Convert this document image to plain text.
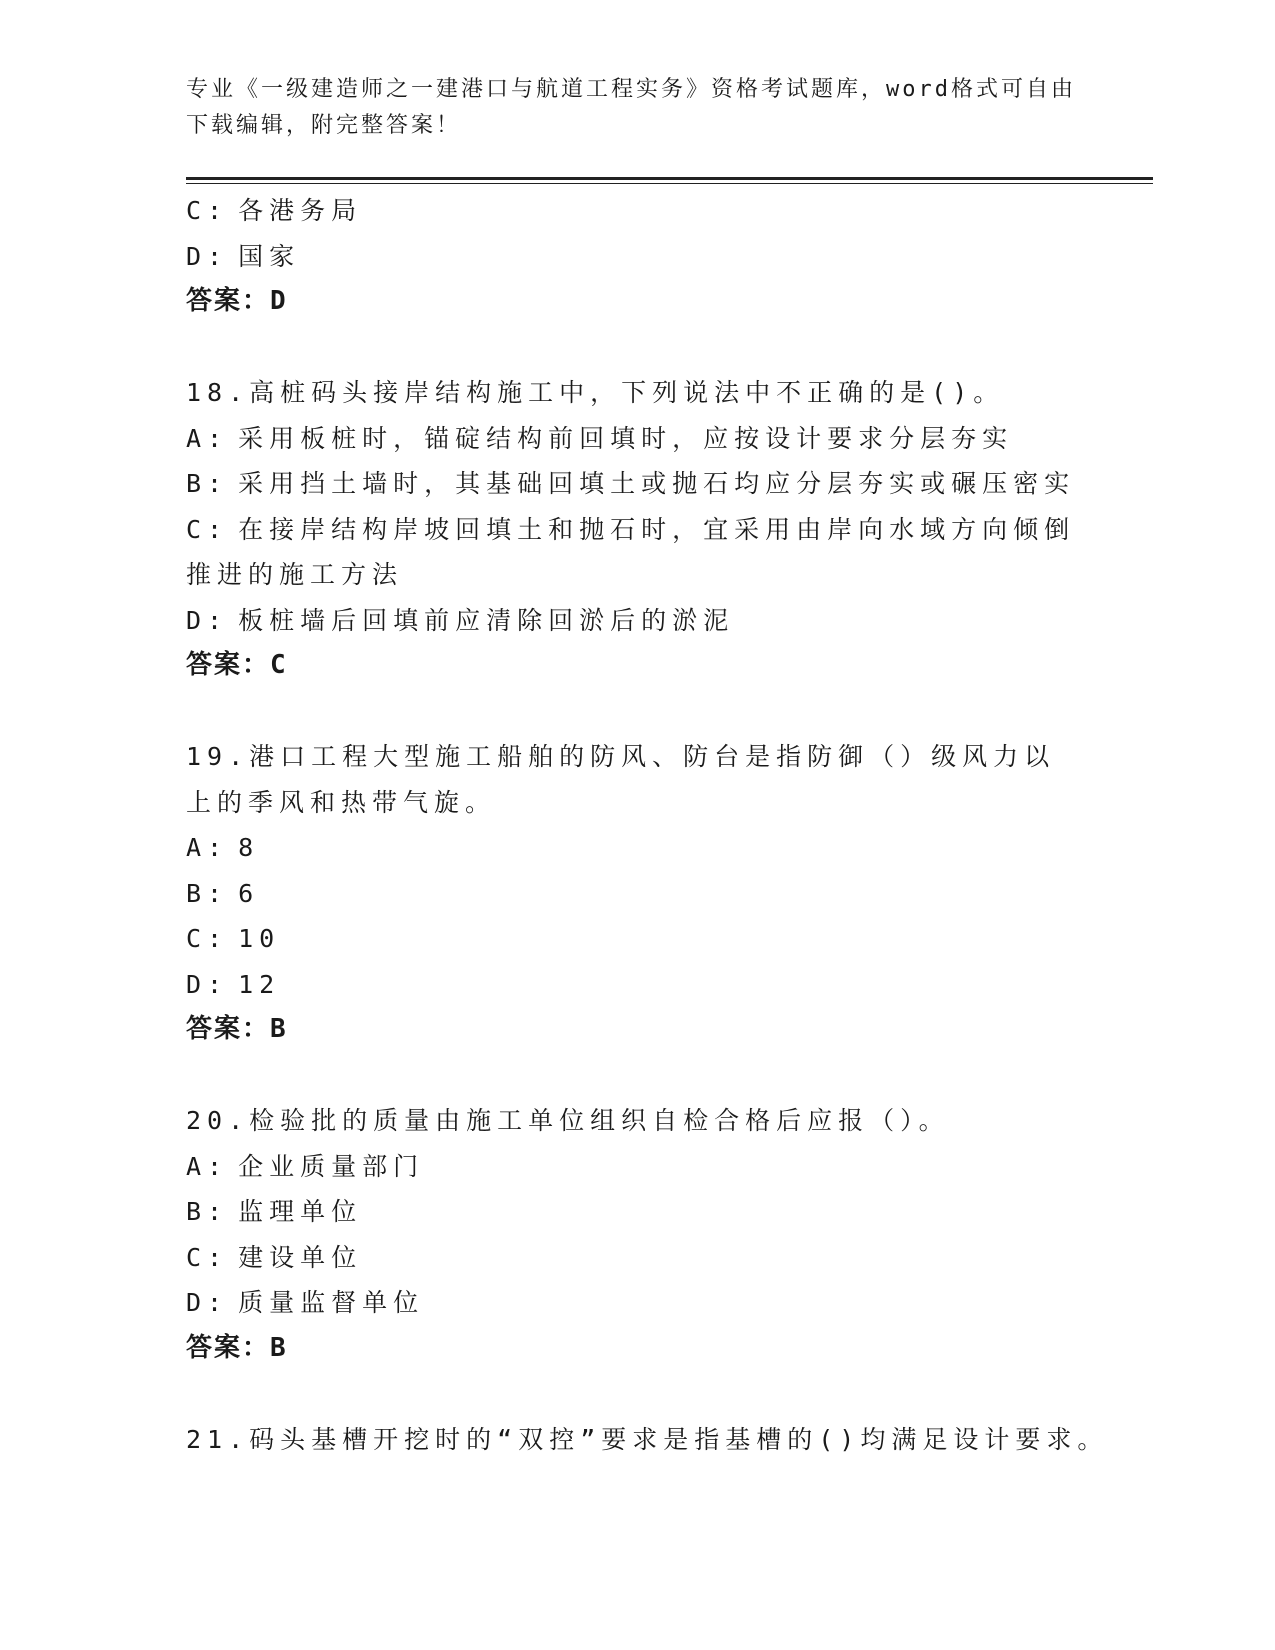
专业《一级建造师之一建港口与航道工程实务》资格考试题库，word格式可自由下载编辑，附完整答案！
C: 各港务局
D: 国家
答案：D
18.高桩码头接岸结构施工中，下列说法中不正确的是()。
A: 采用板桩时，锚碇结构前回填时，应按设计要求分层夯实
B: 采用挡土墙时，其基础回填土或抛石均应分层夯实或碾压密实
C: 在接岸结构岸坡回填土和抛石时，宜采用由岸向水域方向倾倒推进的施工方法
D: 板桩墙后回填前应清除回淤后的淤泥
答案：C
19.港口工程大型施工船舶的防风、防台是指防御（）级风力以上的季风和热带气旋。
A: 8
B: 6
C: 10
D: 12
答案：B
20.检验批的质量由施工单位组织自检合格后应报（）。
A: 企业质量部门
B: 监理单位
C: 建设单位
D: 质量监督单位
答案：B
21.码头基槽开挖时的“双控”要求是指基槽的()均满足设计要求。
